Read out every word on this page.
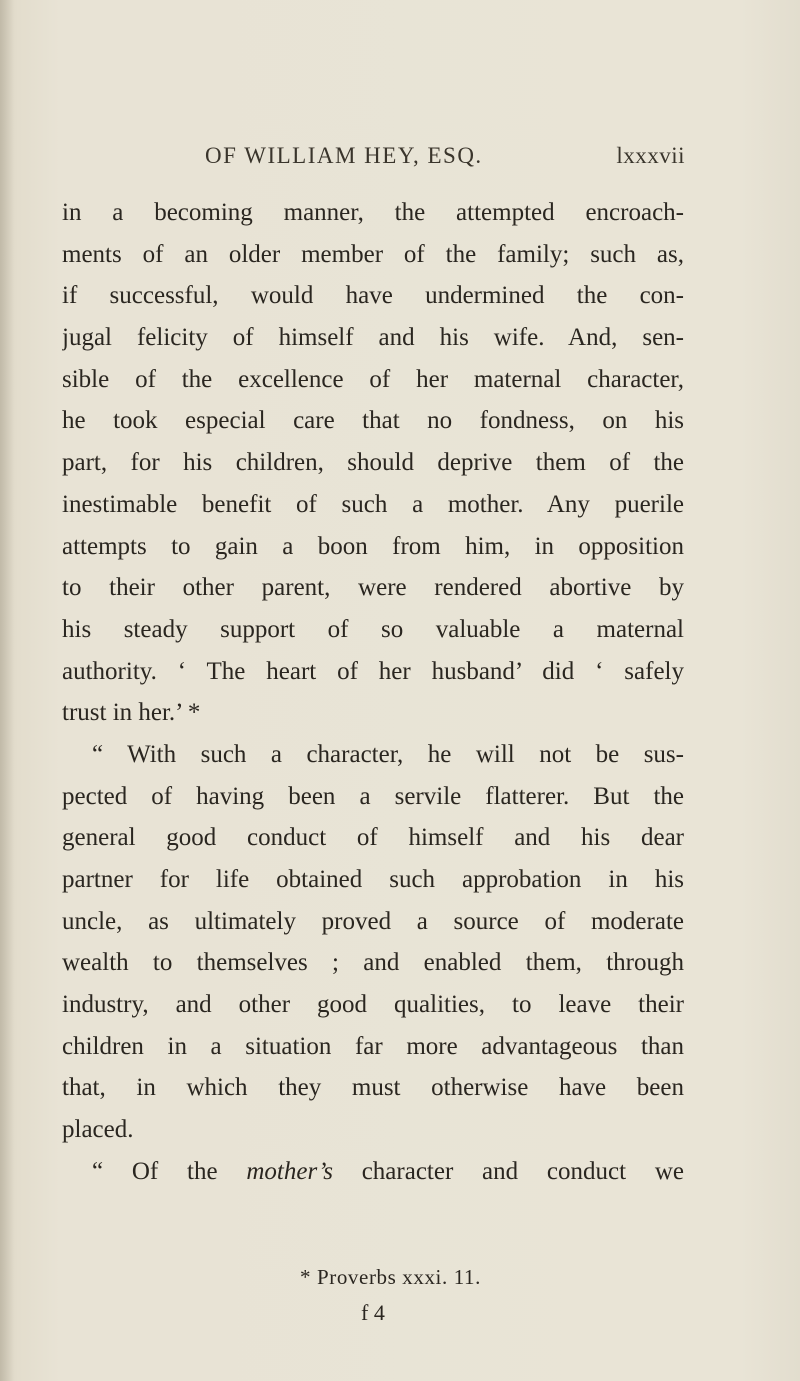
OF WILLIAM HEY, ESQ.	lxxxvii
in a becoming manner, the attempted encroach-
ments of an older member of the family; such as,
if successful, would have undermined the con-
jugal felicity of himself and his wife. And, sen-
sible of the excellence of her maternal character,
he took especial care that no fondness, on his
part, for his children, should deprive them of the
inestimable benefit of such a mother. Any puerile
attempts to gain a boon from him, in opposition
to their other parent, were rendered abortive by
his steady support of so valuable a maternal
authority. ‘ The heart of her husband’ did ‘ safely
trust in her.’ *
“ With such a character, he will not be sus-
pected of having been a servile flatterer. But the
general good conduct of himself and his dear
partner for life obtained such approbation in his
uncle, as ultimately proved a source of moderate
wealth to themselves ; and enabled them, through
industry, and other good qualities, to leave their
children in a situation far more advantageous than
that, in which they must otherwise have been
placed.
“ Of the mother’s character and conduct we
* Proverbs xxxi. 11.
f 4
